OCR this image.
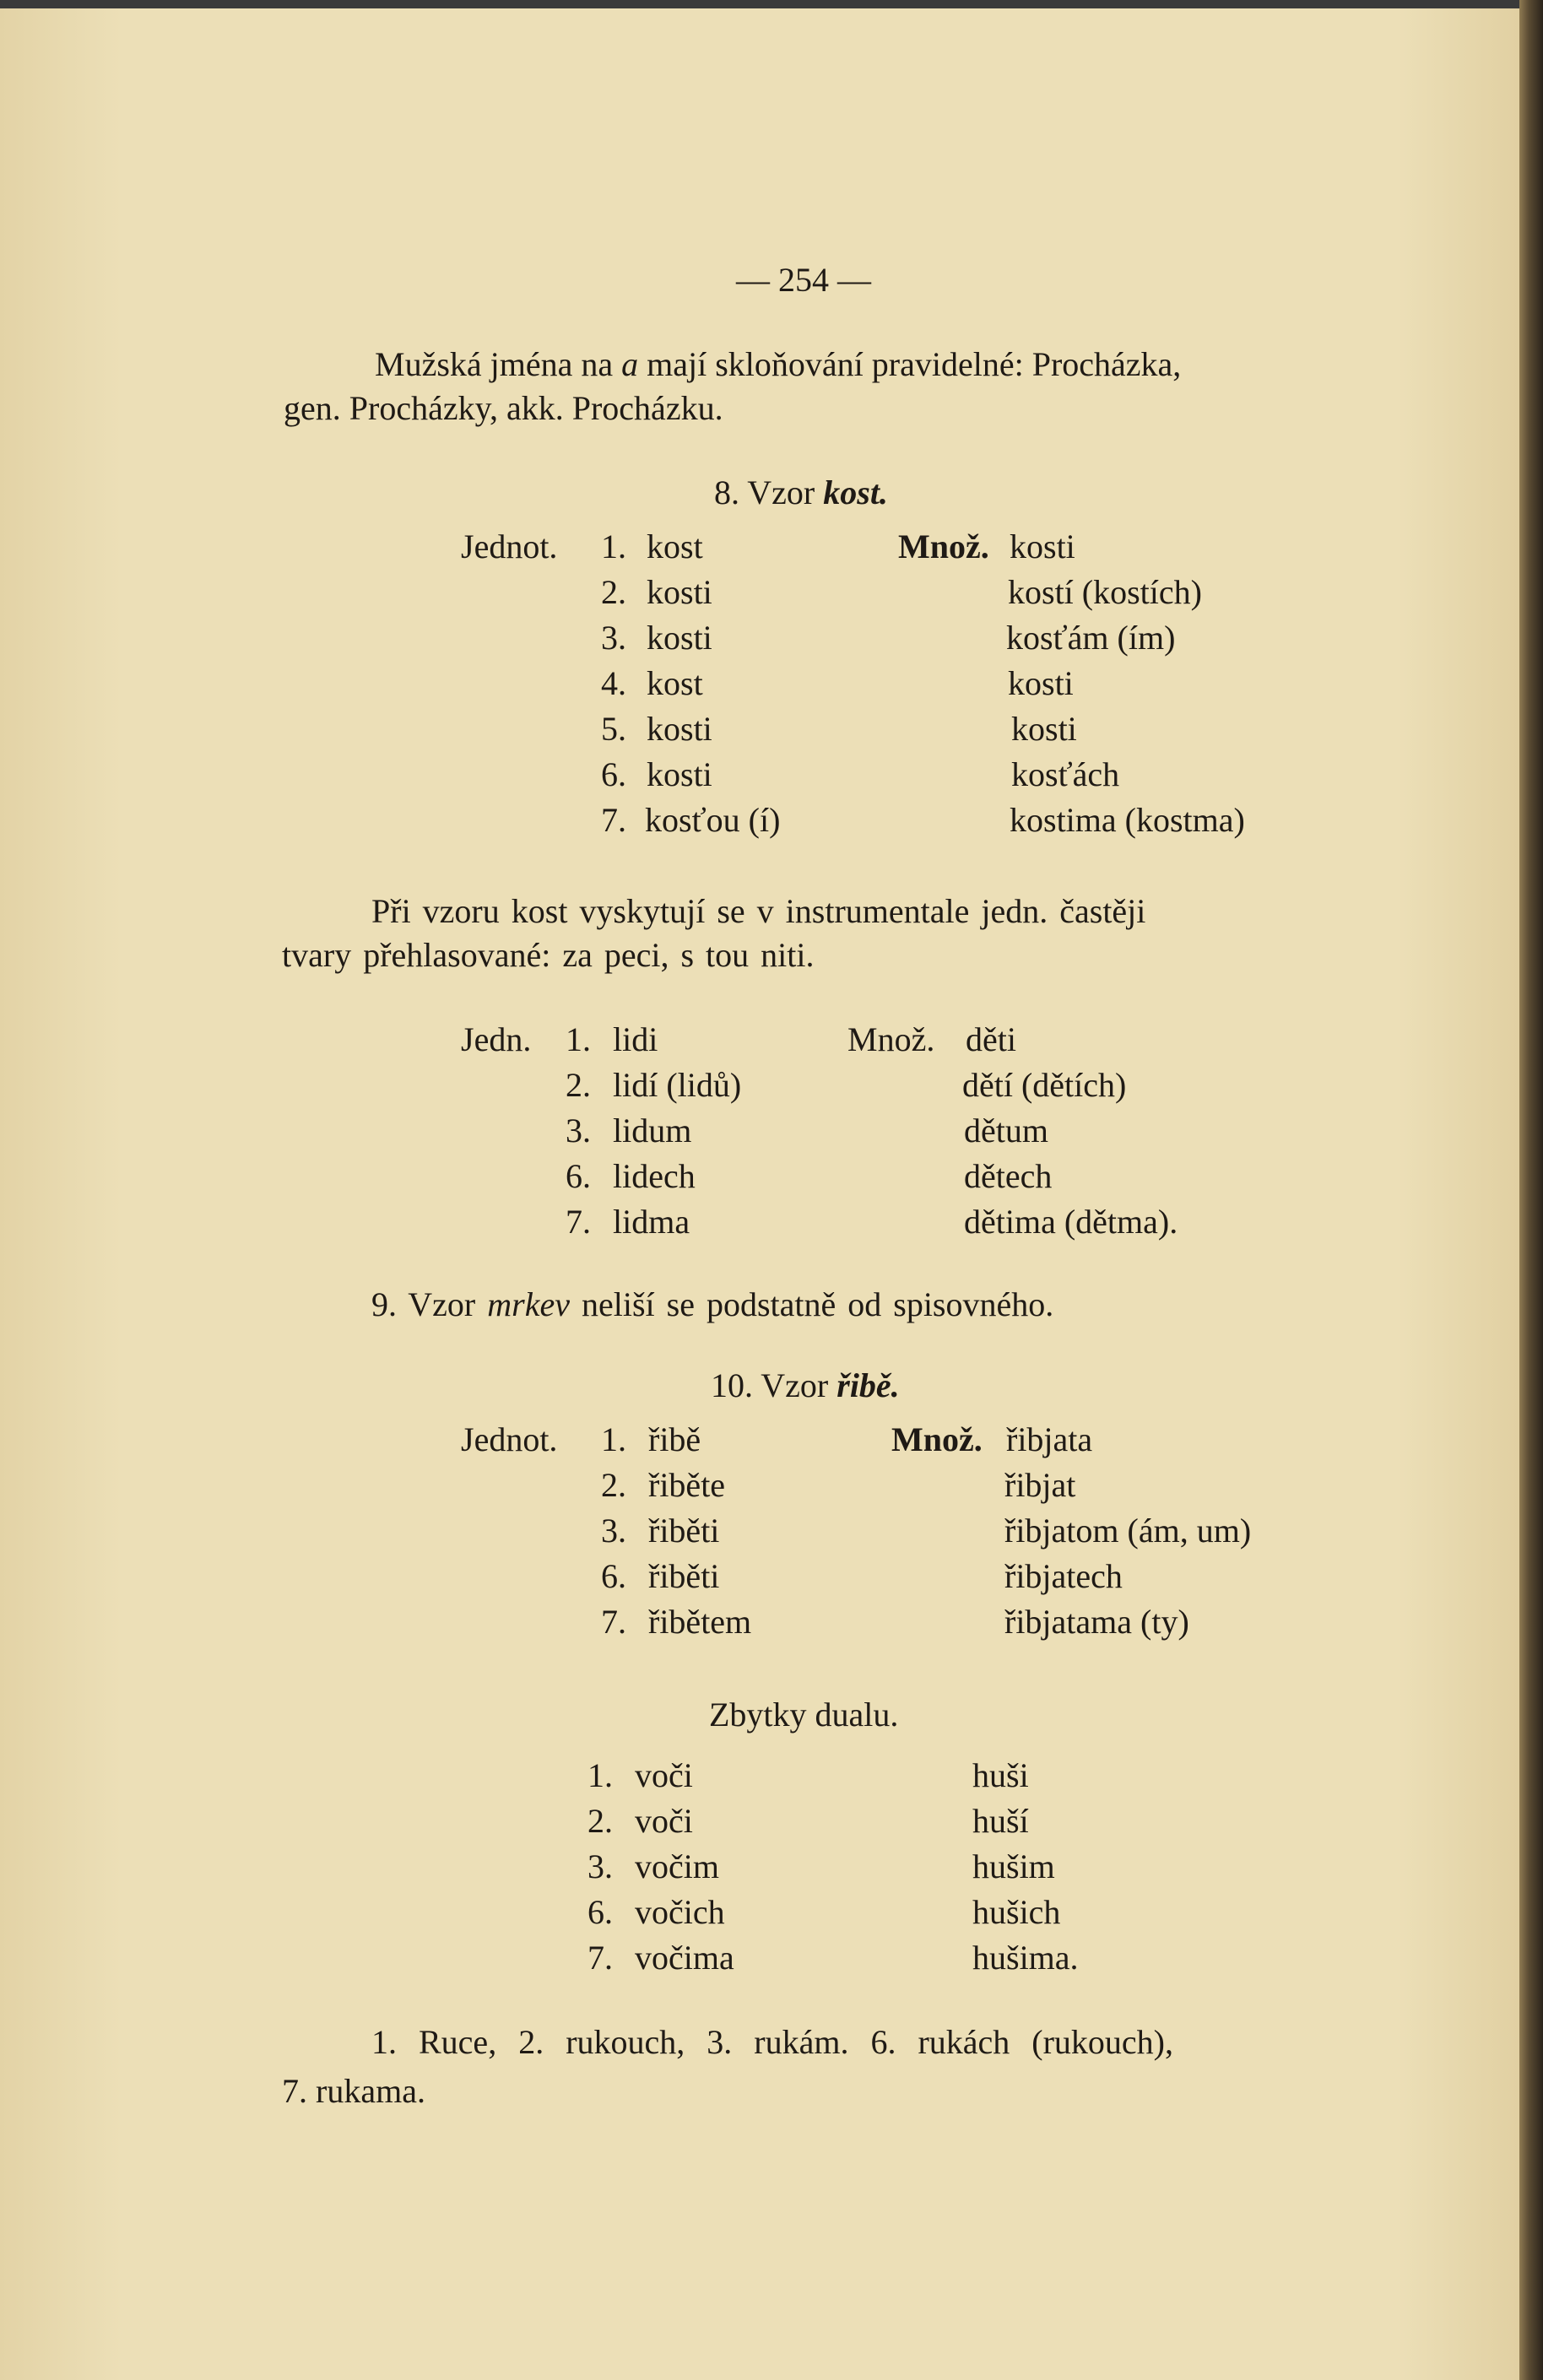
— 254 —
Mužská jména na a mají skloňování pravidelné: Procházka,
gen. Procházky, akk. Procházku.
8. Vzor kost.
Jednot.	Množ.
1. kost	kosti
2. kosti	kostí (kostích)
3. kosti	kosťám (ím)
4. kost	kosti
5. kosti	kosti
6. kosti	kosťách
7. kosťou (í)	kostima (kostma)
Při vzoru kost vyskytují se v instrumentale jedn. častěji
tvary přehlasované: za peci, s tou niti.
Jedn.	Množ.
1. lidi	děti
2. lidí (lidů)	dětí (dětích)
3. lidum	dětum
6. lidech	dětech
7. lidma	dětima (dětma).
9. Vzor mrkev neliší se podstatně od spisovného.
10. Vzor řibě.
Jednot.	Množ.
1. řibě	řibjata
2. řiběte	řibjat
3. řiběti	řibjatom (ám, um)
6. řiběti	řibjatech
7. řibětem	řibjatama (ty)
Zbytky dualu.
1. voči	huši
2. voči	huší
3. vočim	hušim
6. vočich	hušich
7. vočima	hušima.
1. Ruce, 2. rukouch, 3. rukám. 6. rukách (rukouch),
7. rukama.
